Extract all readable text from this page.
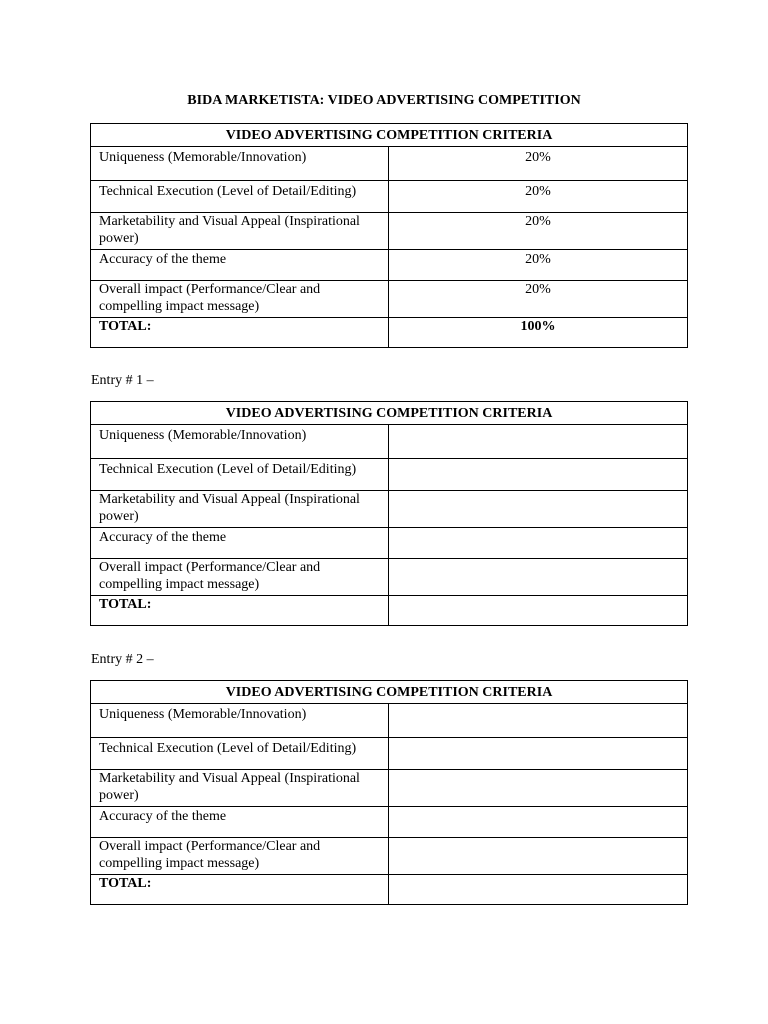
BIDA MARKETISTA: VIDEO ADVERTISING COMPETITION
VIDEO ADVERTISING COMPETITION CRITERIA	
Uniqueness (Memorable/Innovation)	20%
Technical Execution (Level of Detail/Editing)	20%
Marketability and Visual Appeal (Inspirational power)	20%
Accuracy of the theme	20%
Overall impact (Performance/Clear and compelling impact message)	20%
TOTAL:	100%
Entry # 1 –
VIDEO ADVERTISING COMPETITION CRITERIA	
Uniqueness (Memorable/Innovation)	
Technical Execution (Level of Detail/Editing)	
Marketability and Visual Appeal (Inspirational power)	
Accuracy of the theme	
Overall impact (Performance/Clear and compelling impact message)	
TOTAL:	
Entry # 2 –
VIDEO ADVERTISING COMPETITION CRITERIA	
Uniqueness (Memorable/Innovation)	
Technical Execution (Level of Detail/Editing)	
Marketability and Visual Appeal (Inspirational power)	
Accuracy of the theme	
Overall impact (Performance/Clear and compelling impact message)	
TOTAL:	
